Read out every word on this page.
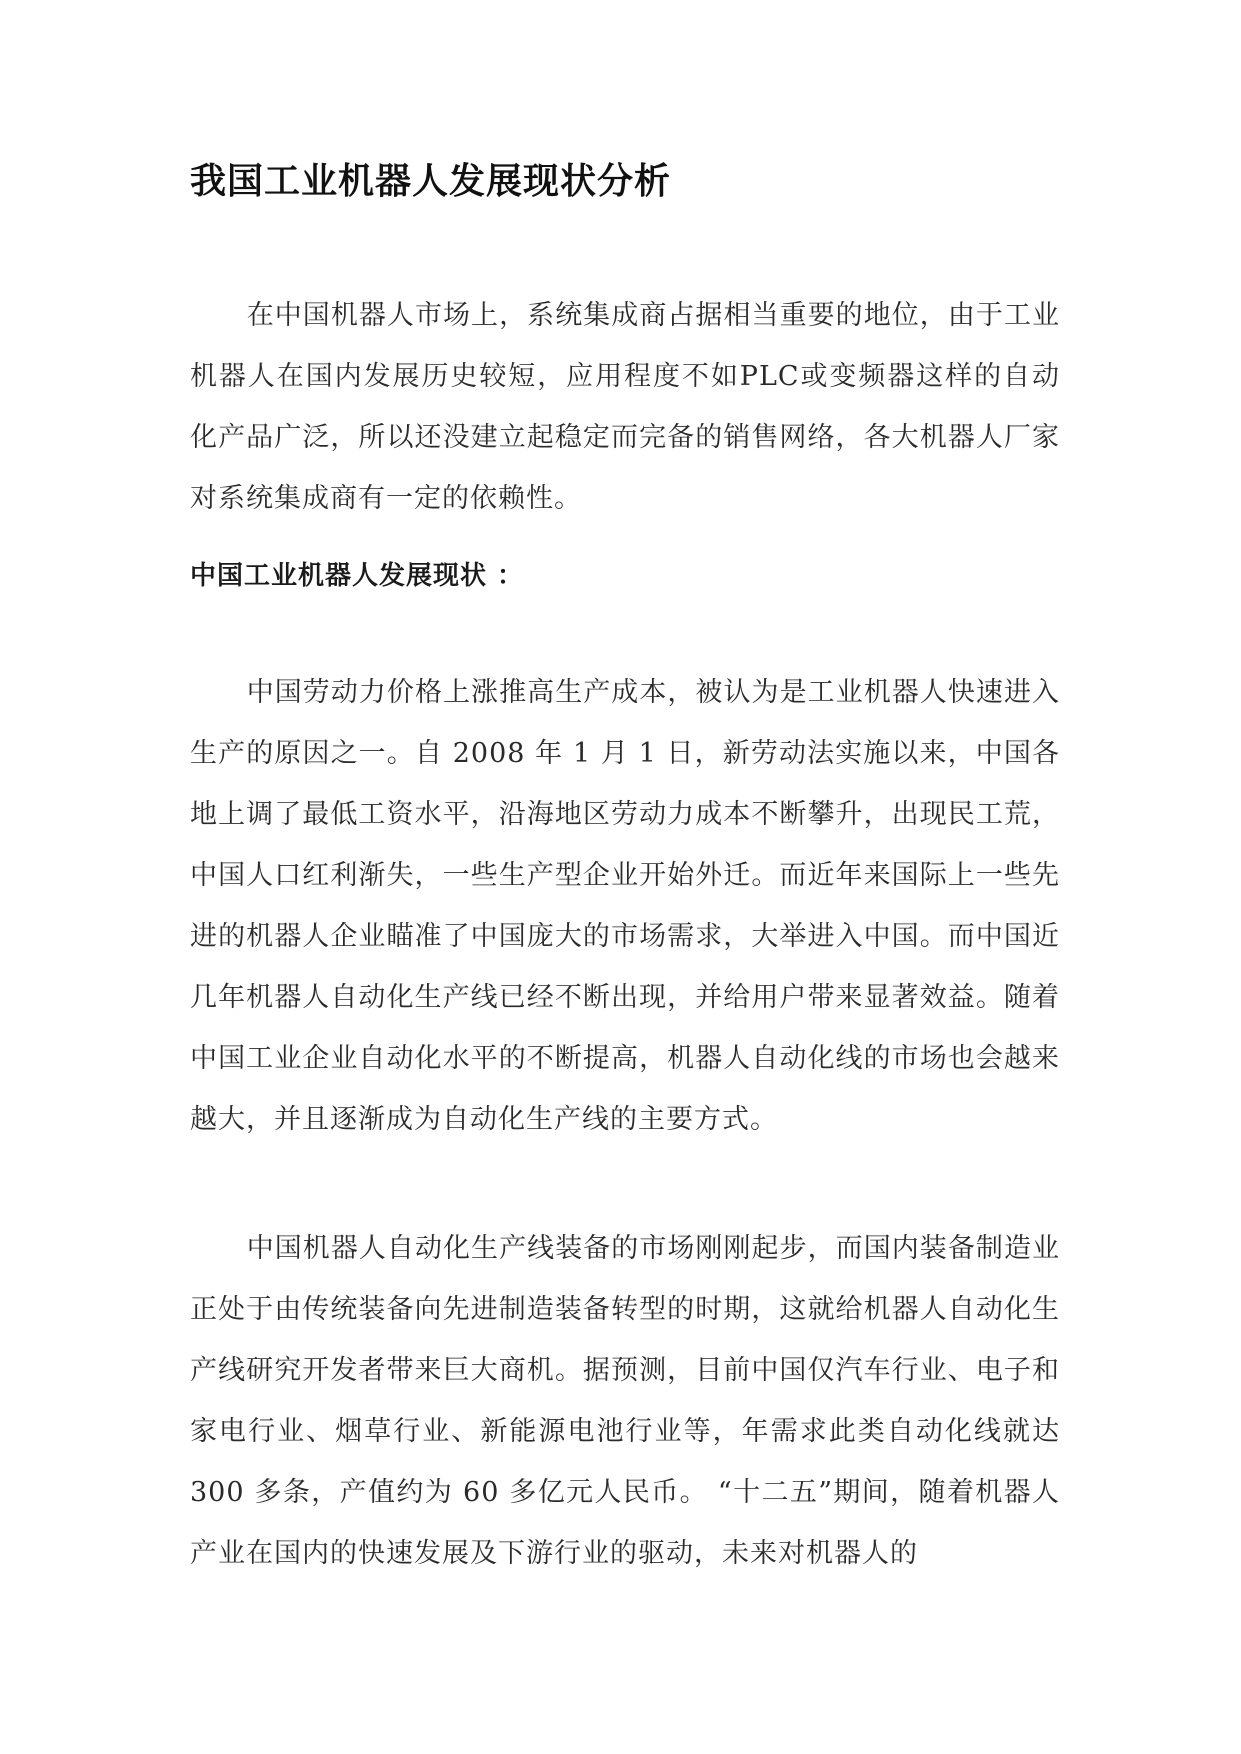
我国工业机器人发展现状分析

在中国机器人市场上，系统集成商占据相当重要的地位，由于工业机器人在国内发展历史较短，应用程度不如PLC或变频器这样的自动化产品广泛，所以还没建立起稳定而完备的销售网络，各大机器人厂家对系统集成商有一定的依赖性。

中国工业机器人发展现状 ：

中国劳动力价格上涨推高生产成本，被认为是工业机器人快速进入生产的原因之一。自 2008 年 1 月 1 日，新劳动法实施以来，中国各地上调了最低工资水平，沿海地区劳动力成本不断攀升，出现民工荒，中国人口红利渐失，一些生产型企业开始外迁。而近年来国际上一些先进的机器人企业瞄准了中国庞大的市场需求，大举进入中国。而中国近几年机器人自动化生产线已经不断出现，并给用户带来显著效益。随着中国工业企业自动化水平的不断提高，机器人自动化线的市场也会越来越大，并且逐渐成为自动化生产线的主要方式。

中国机器人自动化生产线装备的市场刚刚起步，而国内装备制造业正处于由传统装备向先进制造装备转型的时期，这就给机器人自动化生产线研究开发者带来巨大商机。据预测，目前中国仅汽车行业、电子和家电行业、烟草行业、新能源电池行业等，年需求此类自动化线就达 300 多条，产值约为 60 多亿元人民币。 “十二五”期间，随着机器人产业在国内的快速发展及下游行业的驱动，未来对机器人的
